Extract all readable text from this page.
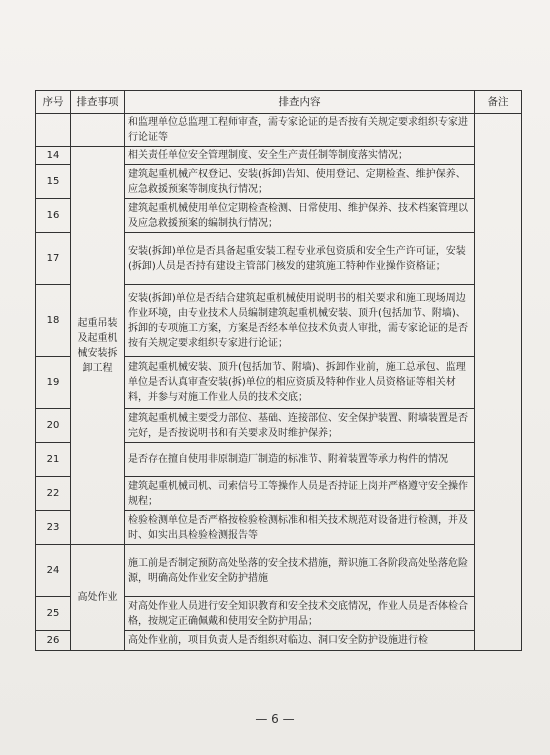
序号	排查事项	排查内容	备注
		和监理单位总监理工程师审查，需专家论证的是否按有关规定要求组织专家进行论证等	
14	起重吊装及起重机械安装拆卸工程	相关责任单位安全管理制度、安全生产责任制等制度落实情况；	
15		建筑起重机械产权登记、安装(拆卸)告知、使用登记、定期检查、维护保养、应急救援预案等制度执行情况；	
16		建筑起重机械使用单位定期检查检测、日常使用、维护保养、技术档案管理以及应急救援预案的编制执行情况；	
17		安装(拆卸)单位是否具备起重安装工程专业承包资质和安全生产许可证，安装(拆卸)人员是否持有建设主管部门核发的建筑施工特种作业操作资格证；	
18		安装(拆卸)单位是否结合建筑起重机械使用说明书的相关要求和施工现场周边作业环境，由专业技术人员编制建筑起重机械安装、顶升(包括加节、附墙)、拆卸的专项施工方案，方案是否经本单位技术负责人审批，需专家论证的是否按有关规定要求组织专家进行论证；	
19		建筑起重机械安装、顶升(包括加节、附墙)、拆卸作业前，施工总承包、监理单位是否认真审查安装(拆)单位的相应资质及特种作业人员资格证等相关材料，并参与对施工作业人员的技术交底；	
20		建筑起重机械主要受力部位、基础、连接部位、安全保护装置、附墙装置是否完好，是否按说明书和有关要求及时维护保养；	
21		是否存在擅自使用非原制造厂制造的标准节、附着装置等承力构件的情况	
22		建筑起重机械司机、司索信号工等操作人员是否持证上岗并严格遵守安全操作规程；	
23		检验检测单位是否严格按检验检测标准和相关技术规范对设备进行检测，并及时、如实出具检验检测报告等	
24	高处作业	施工前是否制定预防高处坠落的安全技术措施，辩识施工各阶段高处坠落危险源，明确高处作业安全防护措施	
25		对高处作业人员进行安全知识教育和安全技术交底情况，作业人员是否体检合格，按规定正确佩戴和使用安全防护用品；	
26		高处作业前，项目负责人是否组织对临边、洞口安全防护设施进行检	
— 6 —
